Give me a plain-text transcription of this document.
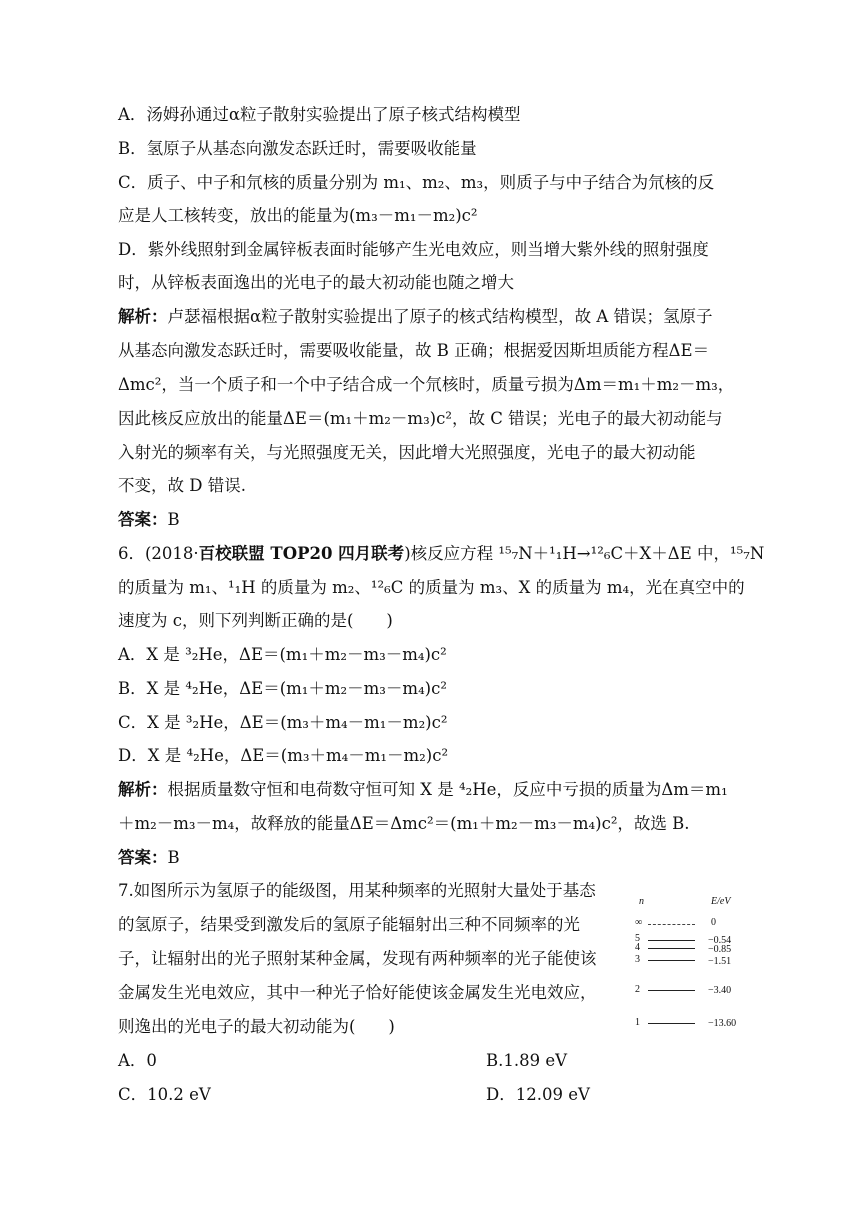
A．汤姆孙通过α粒子散射实验提出了原子核式结构模型
B．氢原子从基态向激发态跃迁时，需要吸收能量
C．质子、中子和氘核的质量分别为 m₁、m₂、m₃，则质子与中子结合为氘核的反
应是人工核转变，放出的能量为(m₃－m₁－m₂)c²
D．紫外线照射到金属锌板表面时能够产生光电效应，则当增大紫外线的照射强度
时，从锌板表面逸出的光电子的最大初动能也随之增大
解析：卢瑟福根据α粒子散射实验提出了原子的核式结构模型，故 A 错误；氢原子
从基态向激发态跃迁时，需要吸收能量，故 B 正确；根据爱因斯坦质能方程ΔE＝
Δmc²，当一个质子和一个中子结合成一个氘核时，质量亏损为Δm＝m₁＋m₂－m₃，
因此核反应放出的能量ΔE＝(m₁＋m₂－m₃)c²，故 C 错误；光电子的最大初动能与
入射光的频率有关，与光照强度无关，因此增大光照强度，光电子的最大初动能
不变，故 D 错误.
答案：B
6．(2018·百校联盟 TOP20 四月联考)核反应方程 ¹⁵₇N＋¹₁H→¹²₆C＋X＋ΔE 中，¹⁵₇N
的质量为 m₁、¹₁H 的质量为 m₂、¹²₆C 的质量为 m₃、X 的质量为 m₄，光在真空中的
速度为 c，则下列判断正确的是(　　)
A．X 是 ³₂He，ΔE＝(m₁＋m₂－m₃－m₄)c²
B．X 是 ⁴₂He，ΔE＝(m₁＋m₂－m₃－m₄)c²
C．X 是 ³₂He，ΔE＝(m₃＋m₄－m₁－m₂)c²
D．X 是 ⁴₂He，ΔE＝(m₃＋m₄－m₁－m₂)c²
解析：根据质量数守恒和电荷数守恒可知 X 是 ⁴₂He，反应中亏损的质量为Δm＝m₁
＋m₂－m₃－m₄，故释放的能量ΔE＝Δmc²＝(m₁＋m₂－m₃－m₄)c²，故选 B.
答案：B
7.如图所示为氢原子的能级图，用某种频率的光照射大量处于基态
的氢原子，结果受到激发后的氢原子能辐射出三种不同频率的光
子，让辐射出的光子照射某种金属，发现有两种频率的光子能使该
金属发生光电效应，其中一种光子恰好能使该金属发生光电效应，
则逸出的光电子的最大初动能为(　　)
A．0	B.1.89 eV
C．10.2 eV	D．12.09 eV
n	E/eV
∞	0
5	−0.54
4	−0.85
3	−1.51
2	−3.40
1	−13.60
